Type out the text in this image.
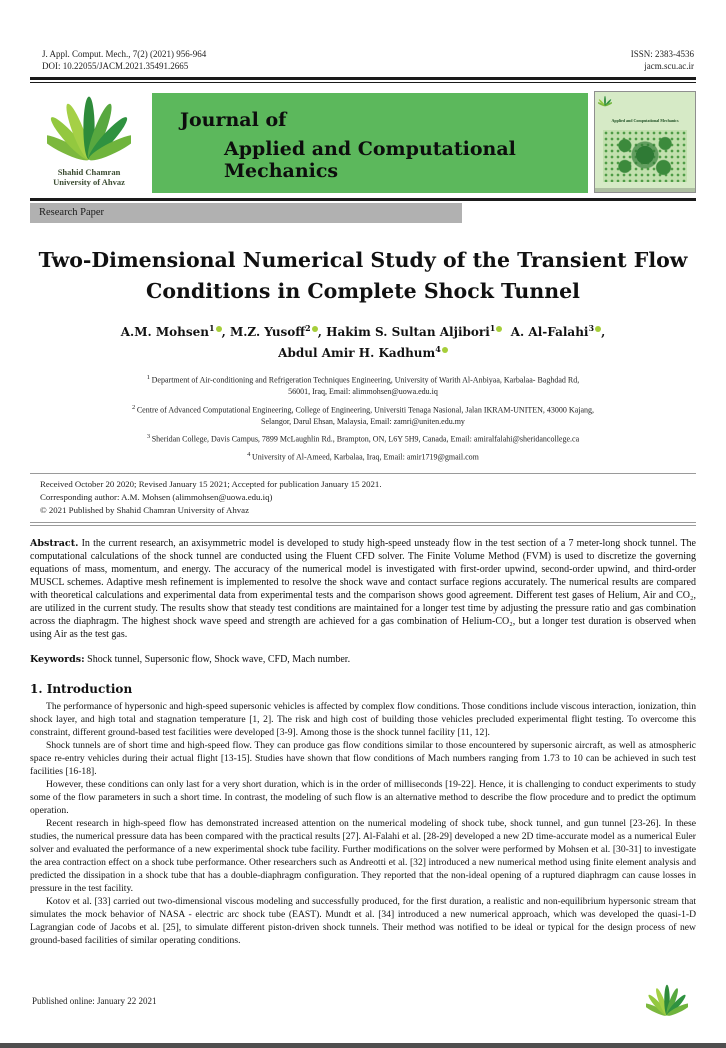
J. Appl. Comput. Mech., 7(2) (2021) 956-964
DOI: 10.22055/JACM.2021.35491.2665
ISSN: 2383-4536
jacm.scu.ac.ir
Shahid Chamran
University of Ahvaz
Journal of
Applied and Computational Mechanics
Applied and Computational Mechanics
Research Paper
Two-Dimensional Numerical Study of the Transient Flow
Conditions in Complete Shock Tunnel
A.M. Mohsen$^1$ , M.Z. Yusoff$^2$ , Hakim S. Sultan Aljibori$^1$ A. Al-Falahi$^3$ ,
Abdul Amir H. Kadhum$^4$
$^1$ Department of Air-conditioning and Refrigeration Techniques Engineering, University of Warith Al-Anbiyaa, Karbalaa- Baghdad Rd, 56001, Iraq, Email: alimmohsen@uowa.edu.iq
$^2$ Centre of Advanced Computational Engineering, College of Engineering, Universiti Tenaga Nasional, Jalan IKRAM-UNITEN, 43000 Kajang, Selangor, Darul Ehsan, Malaysia, Email: zamri@uniten.edu.my
$^3$ Sheridan College, Davis Campus, 7899 McLaughlin Rd., Brampton, ON, L6Y 5H9, Canada, Email: amiralfalahi@sheridancollege.ca
$^4$ University of Al-Ameed, Karbalaa, Iraq, Email: amir1719@gmail.com
Received October 20 2020; Revised January 15 2021; Accepted for publication January 15 2021.
Corresponding author: A.M. Mohsen (alimmohsen@uowa.edu.iq)
© 2021 Published by Shahid Chamran University of Ahvaz

Abstract. In the current research, an axisymmetric model is developed to study high-speed unsteady flow in the test section of a 7 meter-long shock tunnel. The computational calculations of the shock tunnel are conducted using the Fluent CFD solver. The Finite Volume Method (FVM) is used to discretize the governing equations of mass, momentum, and energy. The accuracy of the numerical model is investigated with first-order upwind, second-order upwind, and third-order MUSCL schemes. Adaptive mesh refinement is implemented to resolve the shock wave and contact surface regions accurately. The numerical results are compared with theoretical calculations and experimental data from experimental tests and the comparison shows good agreement. Different test gases of Helium, Air and CO₂, are utilized in the current study. The results show that steady test conditions are maintained for a longer test time by adjusting the pressure ratio and gas combination across the diaphragm. The highest shock wave speed and strength are achieved for a gas combination of Helium-CO₂, but a longer test duration is observed when using Air as the test gas.

Keywords: Shock tunnel, Supersonic flow, Shock wave, CFD, Mach number.

1. Introduction

The performance of hypersonic and high-speed supersonic vehicles is affected by complex flow conditions. Those conditions include viscous interaction, ionization, thin shock layer, and high total and stagnation temperature [1, 2]. The risk and high cost of building those vehicles precluded experimental flight testing. To overcome this constraint, different ground-based test facilities were developed [3-9]. Among those is the shock tunnel facility [11, 12].

Shock tunnels are of short time and high-speed flow. They can produce gas flow conditions similar to those encountered by supersonic aircraft, as well as atmospheric space re-entry vehicles during their actual flight [13-15]. Studies have shown that flow conditions of Mach numbers ranging from 1.73 to 10 can be achieved in such test facilities [16-18].

However, these conditions can only last for a very short duration, which is in the order of milliseconds [19-22]. Hence, it is challenging to conduct experiments to study some of the flow parameters in such a short time. In contrast, the modeling of such flow is an alternative method to describe the flow procedure and to predict the optimum operation.

Recent research in high-speed flow has demonstrated increased attention on the numerical modeling of shock tube, shock tunnel, and gun tunnel [23-26]. In these studies, the numerical pressure data has been compared with the practical results [27]. Al-Falahi et al. [28-29] developed a new 2D time-accurate model as a numerical Euler solver and evaluated the performance of a new experimental shock tube facility. Further modifications on the solver were performed by Mohsen et al. [30-31] to investigate the area contraction effect on a shock tube performance. Other researchers such as Andreotti et al. [32] introduced a new numerical method using finite element analysis and predicted the dissipation in a shock tube that has a double-diaphragm configuration. They reported that the non-ideal opening of a ruptured diaphragm can cause losses in pressure in the test facility.

Kotov et al. [33] carried out two-dimensional viscous modeling and successfully produced, for the first duration, a realistic and non-equilibrium hypersonic stream that simulates the mock behavior of NASA - electric arc shock tube (EAST). Mundt et al. [34] introduced a new numerical approach, which was developed the quasi-1-D Lagrangian code of Jacobs et al. [25], to simulate different piston-driven shock tunnels. Their method was notified to be ideal or typical for the design process of new ground-based facilities of similar operating conditions.

Published online: January 22 2021
